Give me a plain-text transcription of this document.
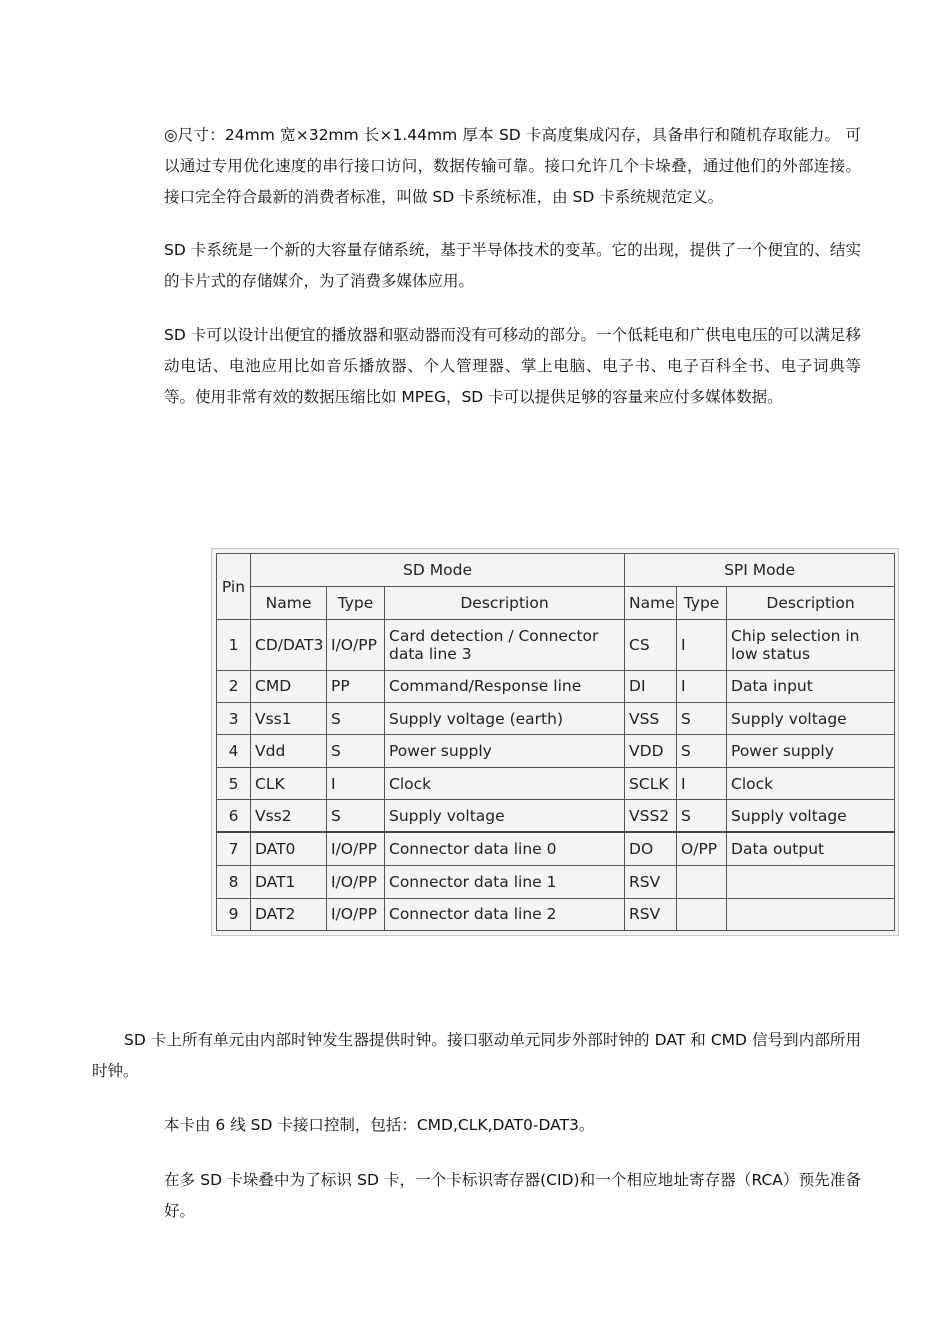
◎尺寸：24mm 宽×32mm 长×1.44mm 厚本 SD 卡高度集成闪存，具备串行和随机存取能力。 可以通过专用优化速度的串行接口访问，数据传输可靠。接口允许几个卡垛叠，通过他们的外部连接。接口完全符合最新的消费者标准，叫做 SD 卡系统标准，由 SD 卡系统规范定义。

SD 卡系统是一个新的大容量存储系统，基于半导体技术的变革。它的出现，提供了一个便宜的、结实的卡片式的存储媒介，为了消费多媒体应用。

SD 卡可以设计出便宜的播放器和驱动器而没有可移动的部分。一个低耗电和广供电电压的可以满足移动电话、电池应用比如音乐播放器、个人管理器、掌上电脑、电子书、电子百科全书、电子词典等等。使用非常有效的数据压缩比如 MPEG，SD 卡可以提供足够的容量来应付多媒体数据。

Pin	SD Mode			SPI Mode		
	Name	Type	Description	Name	Type	Description
1	CD/DAT3	I/O/PP	Card detection / Connector data line 3	CS	I	Chip selection in low status
2	CMD	PP	Command/Response line	DI	I	Data input
3	Vss1	S	Supply voltage (earth)	VSS	S	Supply voltage
4	Vdd	S	Power supply	VDD	S	Power supply
5	CLK	I	Clock	SCLK	I	Clock
6	Vss2	S	Supply voltage	VSS2	S	Supply voltage
7	DAT0	I/O/PP	Connector data line 0	DO	O/PP	Data output
8	DAT1	I/O/PP	Connector data line 1	RSV		
9	DAT2	I/O/PP	Connector data line 2	RSV		

SD 卡上所有单元由内部时钟发生器提供时钟。接口驱动单元同步外部时钟的 DAT 和 CMD 信号到内部所用时钟。

本卡由 6 线 SD 卡接口控制，包括：CMD,CLK,DAT0-DAT3。

在多 SD 卡垛叠中为了标识 SD 卡，一个卡标识寄存器(CID)和一个相应地址寄存器（RCA）预先准备好。
